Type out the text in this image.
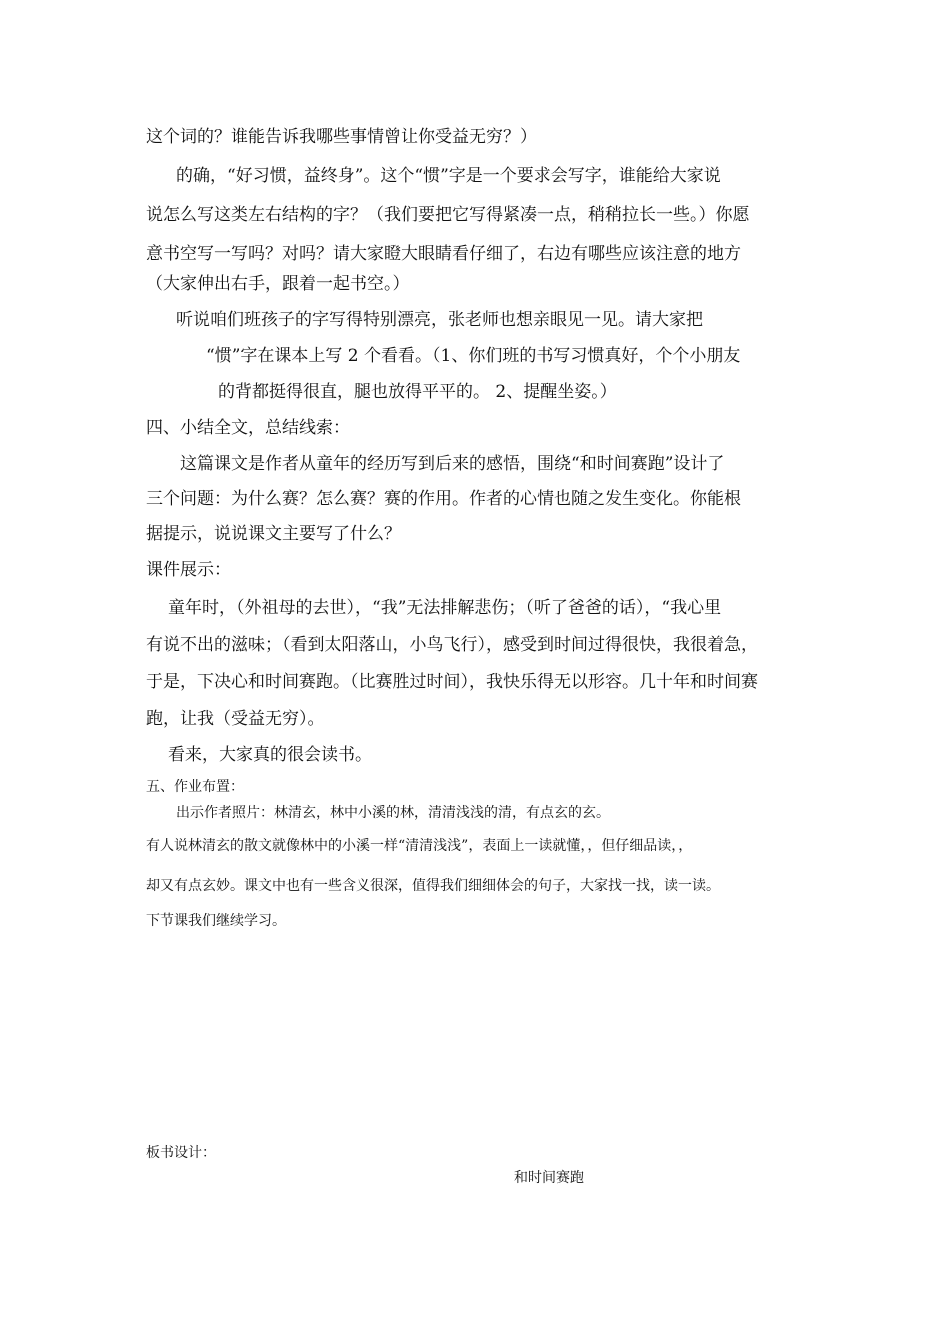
这个词的？谁能告诉我哪些事情曾让你受益无穷？）
的确，“好习惯，益终身”。这个“惯”字是一个要求会写字，谁能给大家说
说怎么写这类左右结构的字？（我们要把它写得紧凑一点，稍稍拉长一些。）你愿
意书空写一写吗？对吗？请大家瞪大眼睛看仔细了，右边有哪些应该注意的地方
（大家伸出右手，跟着一起书空。）
听说咱们班孩子的字写得特别漂亮，张老师也想亲眼见一见。请大家把
“惯”字在课本上写 2 个看看。（1、你们班的书写习惯真好，个个小朋友
的背都挺得很直，腿也放得平平的。 2、提醒坐姿。）
四、小结全文，总结线索：
这篇课文是作者从童年的经历写到后来的感悟，围绕“和时间赛跑”设计了
三个问题：为什么赛？怎么赛？赛的作用。作者的心情也随之发生变化。你能根
据提示，说说课文主要写了什么？
课件展示：
童年时，（外祖母的去世），“我”无法排解悲伤；（听了爸爸的话），“我心里
有说不出的滋味；（看到太阳落山，小鸟飞行），感受到时间过得很快，我很着急，
于是，下决心和时间赛跑。（比赛胜过时间），我快乐得无以形容。几十年和时间赛
跑，让我（受益无穷）。
看来，大家真的很会读书。
五、作业布置：
出示作者照片：林清玄，林中小溪的林，清清浅浅的清，有点玄的玄。
有人说林清玄的散文就像林中的小溪一样“清清浅浅”，表面上一读就懂，，但仔细品读，，
却又有点玄妙。课文中也有一些含义很深，值得我们细细体会的句子，大家找一找，读一读。
下节课我们继续学习。
板书设计：
和时间赛跑
